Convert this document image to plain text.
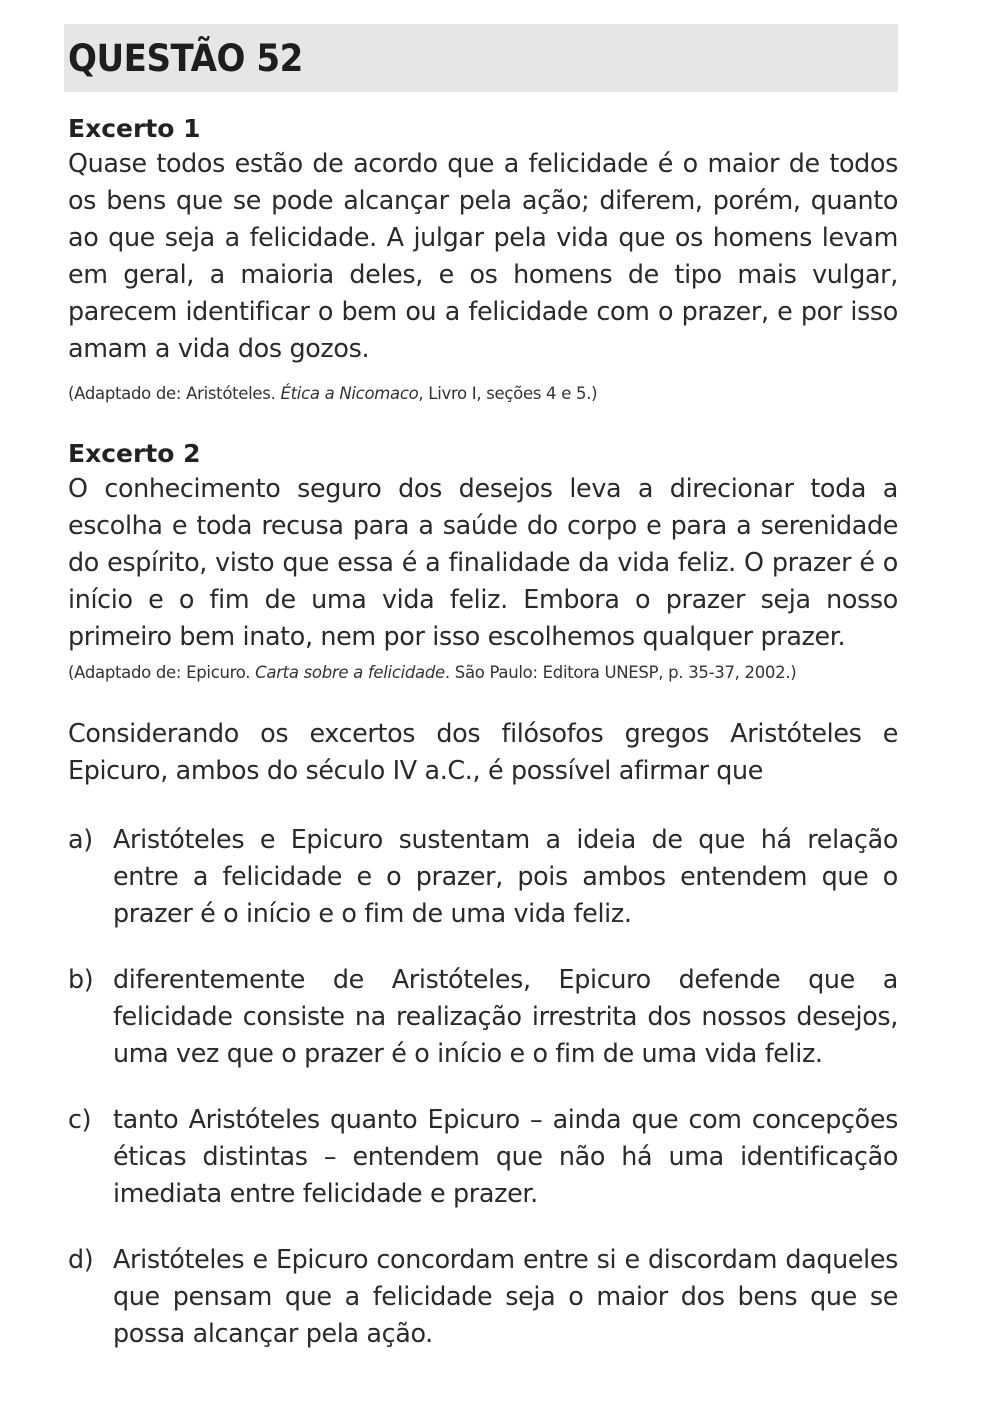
QUESTÃO 52
Excerto 1

Quase todos estão de acordo que a felicidade é o maior de todos os bens que se pode alcançar pela ação; diferem, porém, quanto ao que seja a felicidade. A julgar pela vida que os homens levam em geral, a maioria deles, e os homens de tipo mais vulgar, parecem identificar o bem ou a felicidade com o prazer, e por isso amam a vida dos gozos.

(Adaptado de: Aristóteles. Ética a Nicomaco, Livro I, seções 4 e 5.)

Excerto 2

O conhecimento seguro dos desejos leva a direcionar toda a escolha e toda recusa para a saúde do corpo e para a serenidade do espírito, visto que essa é a finalidade da vida feliz. O prazer é o início e o fim de uma vida feliz. Embora o prazer seja nosso primeiro bem inato, nem por isso escolhemos qualquer prazer.

(Adaptado de: Epicuro. Carta sobre a felicidade. São Paulo: Editora UNESP, p. 35-37, 2002.)

Considerando os excertos dos filósofos gregos Aristóteles e Epicuro, ambos do século IV a.C., é possível afirmar que

a) Aristóteles e Epicuro sustentam a ideia de que há relação entre a felicidade e o prazer, pois ambos entendem que o prazer é o início e o fim de uma vida feliz.
b) diferentemente de Aristóteles, Epicuro defende que a felicidade consiste na realização irrestrita dos nossos desejos, uma vez que o prazer é o início e o fim de uma vida feliz.
c) tanto Aristóteles quanto Epicuro – ainda que com concepções éticas distintas – entendem que não há uma identificação imediata entre felicidade e prazer.
d) Aristóteles e Epicuro concordam entre si e discordam daqueles que pensam que a felicidade seja o maior dos bens que se possa alcançar pela ação.
